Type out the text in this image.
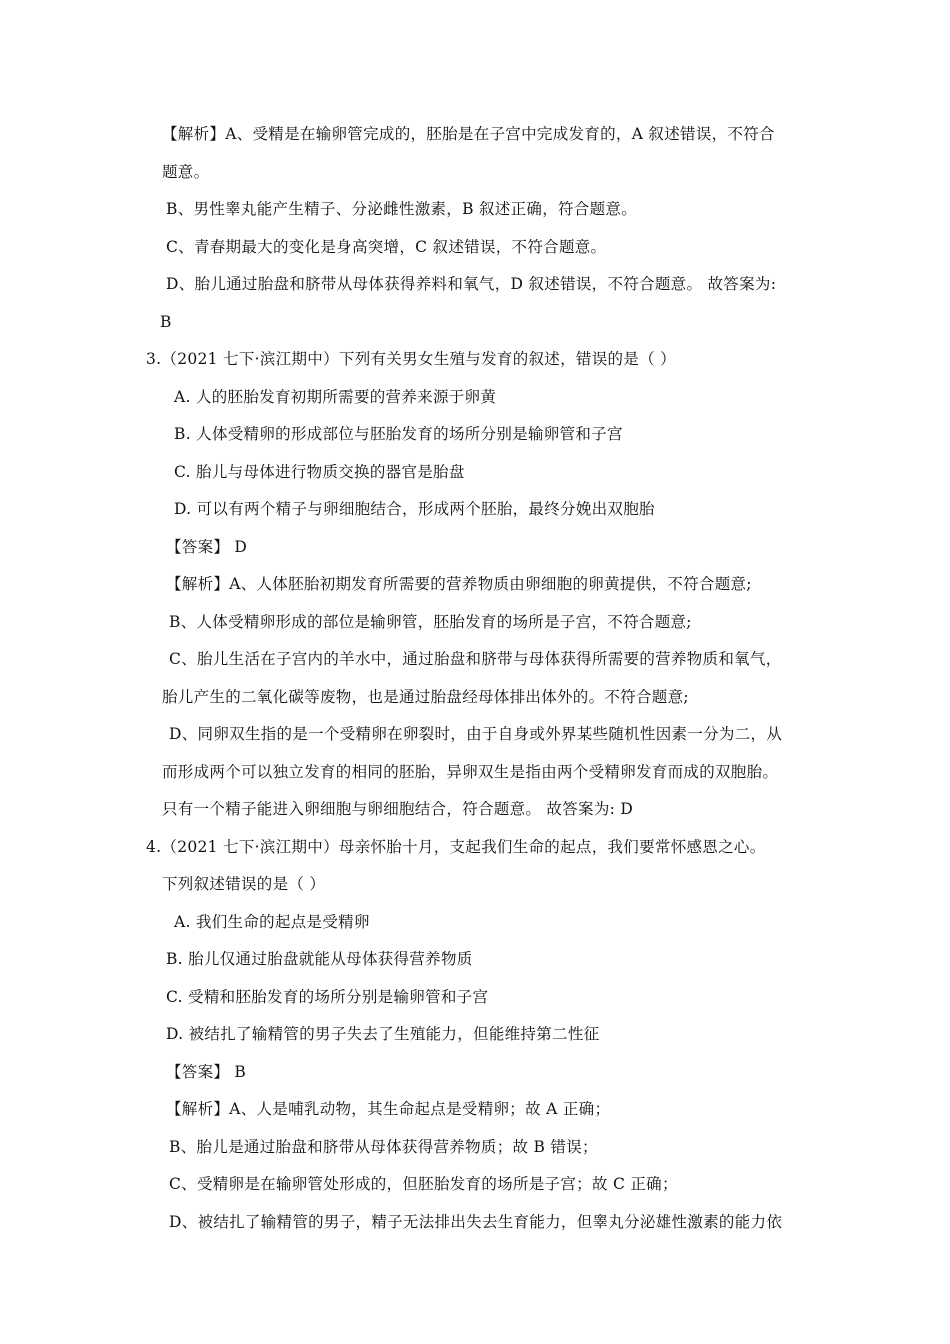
【解析】A、受精是在输卵管完成的，胚胎是在子宫中完成发育的，A 叙述错误，不符合
题意。
B、男性睾丸能产生精子、分泌雌性激素，B 叙述正确，符合题意。
C、青春期最大的变化是身高突增，C 叙述错误，不符合题意。
D、胎儿通过胎盘和脐带从母体获得养料和氧气，D 叙述错误，不符合题意。 故答案为:
B
3.（2021 七下·滨江期中）下列有关男女生殖与发育的叙述，错误的是（ ）
A. 人的胚胎发育初期所需要的营养来源于卵黄
B. 人体受精卵的形成部位与胚胎发育的场所分别是输卵管和子宫
C. 胎儿与母体进行物质交换的器官是胎盘
D. 可以有两个精子与卵细胞结合，形成两个胚胎，最终分娩出双胞胎
【答案】 D
【解析】A、人体胚胎初期发育所需要的营养物质由卵细胞的卵黄提供，不符合题意;
B、人体受精卵形成的部位是输卵管，胚胎发育的场所是子宫，不符合题意;
C、胎儿生活在子宫内的羊水中，通过胎盘和脐带与母体获得所需要的营养物质和氧气，
胎儿产生的二氧化碳等废物，也是通过胎盘经母体排出体外的。不符合题意;
D、同卵双生指的是一个受精卵在卵裂时，由于自身或外界某些随机性因素一分为二，从
而形成两个可以独立发育的相同的胚胎，异卵双生是指由两个受精卵发育而成的双胞胎。
只有一个精子能进入卵细胞与卵细胞结合，符合题意。 故答案为: D
4.（2021 七下·滨江期中）母亲怀胎十月，支起我们生命的起点，我们要常怀感恩之心。
下列叙述错误的是（ ）
A. 我们生命的起点是受精卵
B. 胎儿仅通过胎盘就能从母体获得营养物质
C. 受精和胚胎发育的场所分别是输卵管和子宫
D. 被结扎了输精管的男子失去了生殖能力，但能维持第二性征
【答案】 B
【解析】A、人是哺乳动物，其生命起点是受精卵；故 A 正确；
B、胎儿是通过胎盘和脐带从母体获得营养物质；故 B 错误；
C、受精卵是在输卵管处形成的，但胚胎发育的场所是子宫；故 C 正确；
D、被结扎了输精管的男子，精子无法排出失去生育能力，但睾丸分泌雄性激素的能力依
